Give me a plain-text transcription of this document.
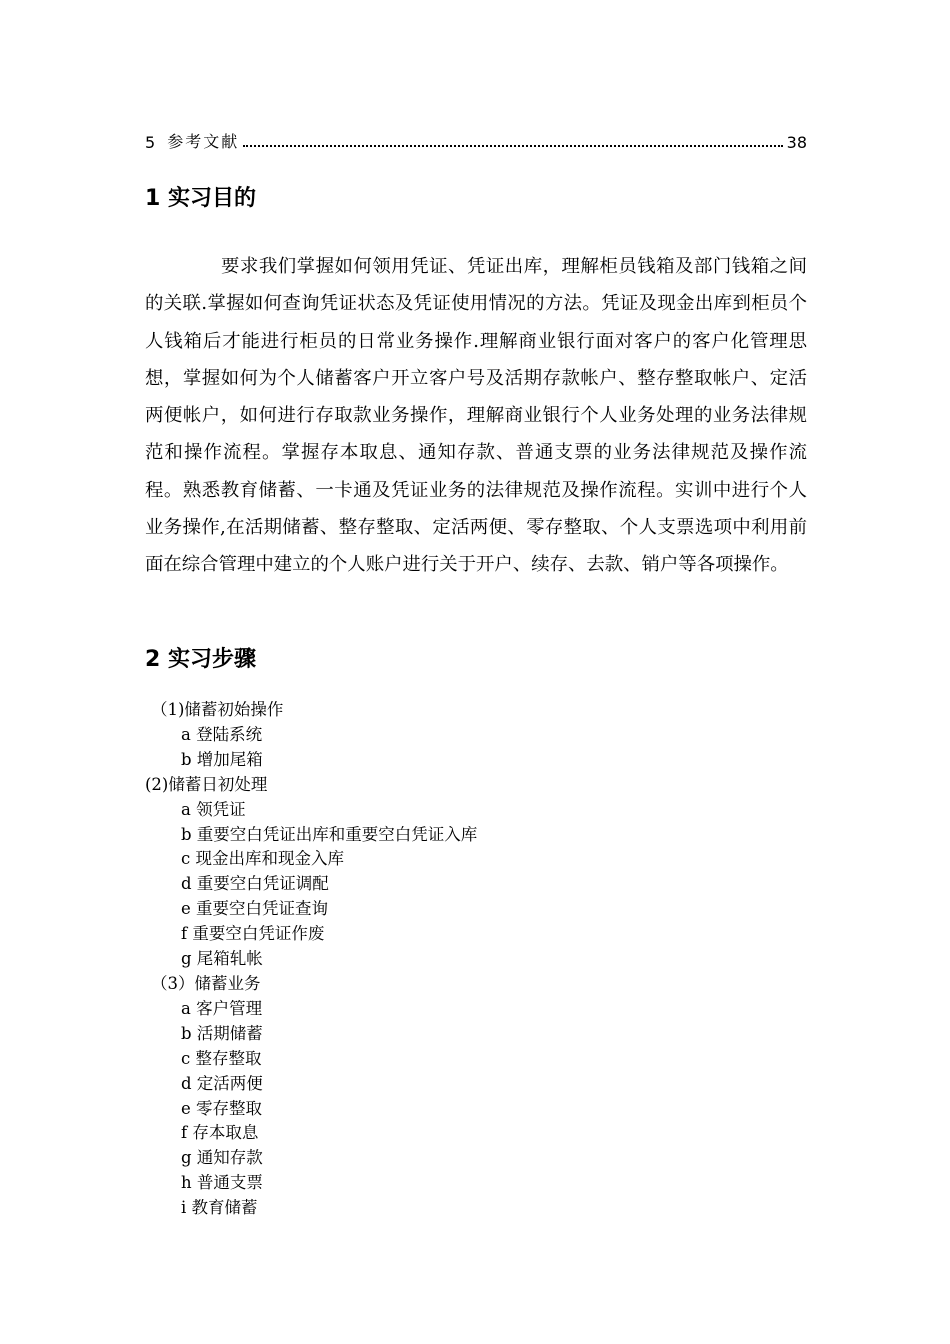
5 参考文献	38
1 实习目的

要求我们掌握如何领用凭证、凭证出库，理解柜员钱箱及部门钱箱之间的关联.掌握如何查询凭证状态及凭证使用情况的方法。凭证及现金出库到柜员个人钱箱后才能进行柜员的日常业务操作.理解商业银行面对客户的客户化管理思想，掌握如何为个人储蓄客户开立客户号及活期存款帐户、整存整取帐户、定活两便帐户，如何进行存取款业务操作，理解商业银行个人业务处理的业务法律规范和操作流程。掌握存本取息、通知存款、普通支票的业务法律规范及操作流程。熟悉教育储蓄、一卡通及凭证业务的法律规范及操作流程。实训中进行个人业务操作,在活期储蓄、整存整取、定活两便、零存整取、个人支票选项中利用前面在综合管理中建立的个人账户进行关于开户、续存、去款、销户等各项操作。

2 实习步骤
（1)储蓄初始操作
a 登陆系统
b 增加尾箱
(2)储蓄日初处理
a 领凭证
b 重要空白凭证出库和重要空白凭证入库
c 现金出库和现金入库
d 重要空白凭证调配
e 重要空白凭证查询
f 重要空白凭证作废
g 尾箱轧帐
（3）储蓄业务
a 客户管理
b 活期储蓄
c 整存整取
d 定活两便
e 零存整取
f 存本取息
g 通知存款
h 普通支票
i 教育储蓄
